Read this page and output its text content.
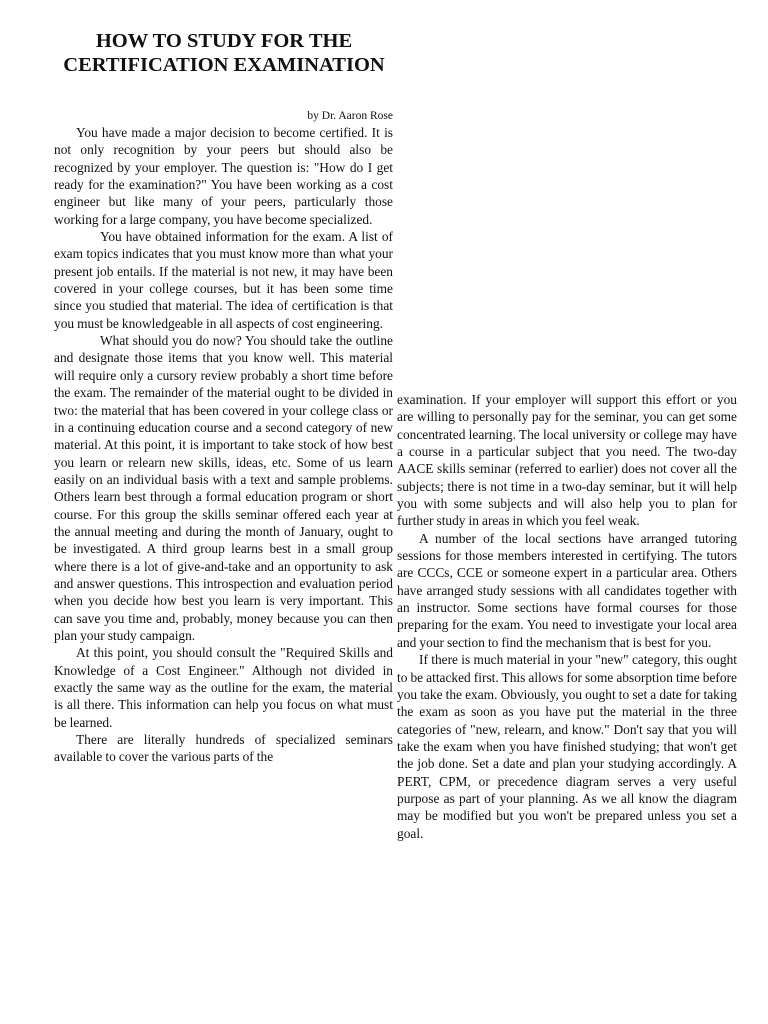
HOW TO STUDY FOR THE CERTIFICATION EXAMINATION
by Dr. Aaron Rose

You have made a major decision to become certified. It is not only recognition by your peers but should also be recognized by your employer. The question is: "How do I get ready for the examination?" You have been working as a cost engineer but like many of your peers, particularly those working for a large company, you have become specialized.

You have obtained information for the exam. A list of exam topics indicates that you must know more than what your present job entails. If the material is not new, it may have been covered in your college courses, but it has been some time since you studied that material. The idea of certification is that you must be knowledgeable in all aspects of cost engineering.

What should you do now? You should take the outline and designate those items that you know well. This material will require only a cursory review probably a short time before the exam. The remainder of the material ought to be divided in two: the material that has been covered in your college class or in a continuing education course and a second category of new material. At this point, it is important to take stock of how best you learn or relearn new skills, ideas, etc. Some of us learn easily on an individual basis with a text and sample problems. Others learn best through a formal education program or short course. For this group the skills seminar offered each year at the annual meeting and during the month of January, ought to be investigated. A third group learns best in a small group where there is a lot of give-and-take and an opportunity to ask and answer questions. This introspection and evaluation period when you decide how best you learn is very important. This can save you time and, probably, money because you can then plan your study campaign.

At this point, you should consult the "Required Skills and Knowledge of a Cost Engineer." Although not divided in exactly the same way as the outline for the exam, the material is all there. This information can help you focus on what must be learned.

There are literally hundreds of specialized seminars available to cover the various parts of the

examination. If your employer will support this effort or you are willing to personally pay for the seminar, you can get some concentrated learning. The local university or college may have a course in a particular subject that you need. The two-day AACE skills seminar (referred to earlier) does not cover all the subjects; there is not time in a two-day seminar, but it will help you with some subjects and will also help you to plan for further study in areas in which you feel weak.

A number of the local sections have arranged tutoring sessions for those members interested in certifying. The tutors are CCCs, CCE or someone expert in a particular area. Others have arranged study sessions with all candidates together with an instructor. Some sections have formal courses for those preparing for the exam. You need to investigate your local area and your section to find the mechanism that is best for you.

If there is much material in your "new" category, this ought to be attacked first. This allows for some absorption time before you take the exam. Obviously, you ought to set a date for taking the exam as soon as you have put the material in the three categories of "new, relearn, and know." Don't say that you will take the exam when you have finished studying; that won't get the job done. Set a date and plan your studying accordingly. A PERT, CPM, or precedence diagram serves a very useful purpose as part of your planning. As we all know the diagram may be modified but you won't be prepared unless you set a goal.
